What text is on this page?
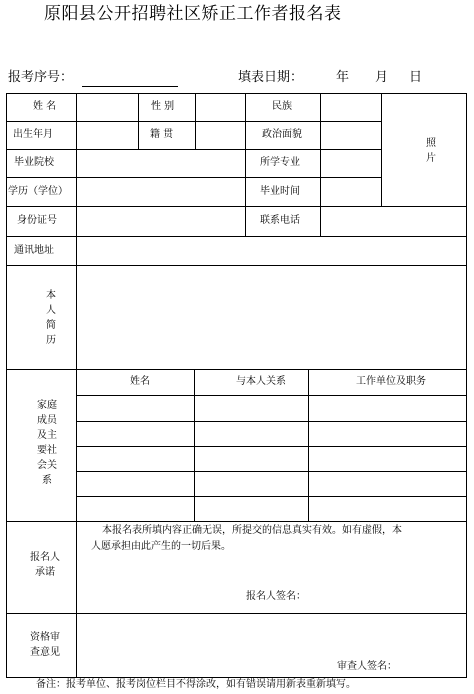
原阳县公开招聘社区矫正工作者报名表
报考序号：	填表日期：	年 月 日
姓 名	性 别	民族
照片
出生年月	籍 贯	政治面貌
毕业院校	所学专业
学历（学位）	毕业时间
身份证号	联系电话
通讯地址
本人简历
家庭成员及主要社会关系
姓名	与本人关系	工作单位及职务
报名人承诺
本报名表所填内容正确无误，所提交的信息真实有效。如有虚假，本
人愿承担由此产生的一切后果。
报名人签名：
资格审查意见
审查人签名：
备注：报考单位、报考岗位栏目不得涂改，如有错误请用新表重新填写。
